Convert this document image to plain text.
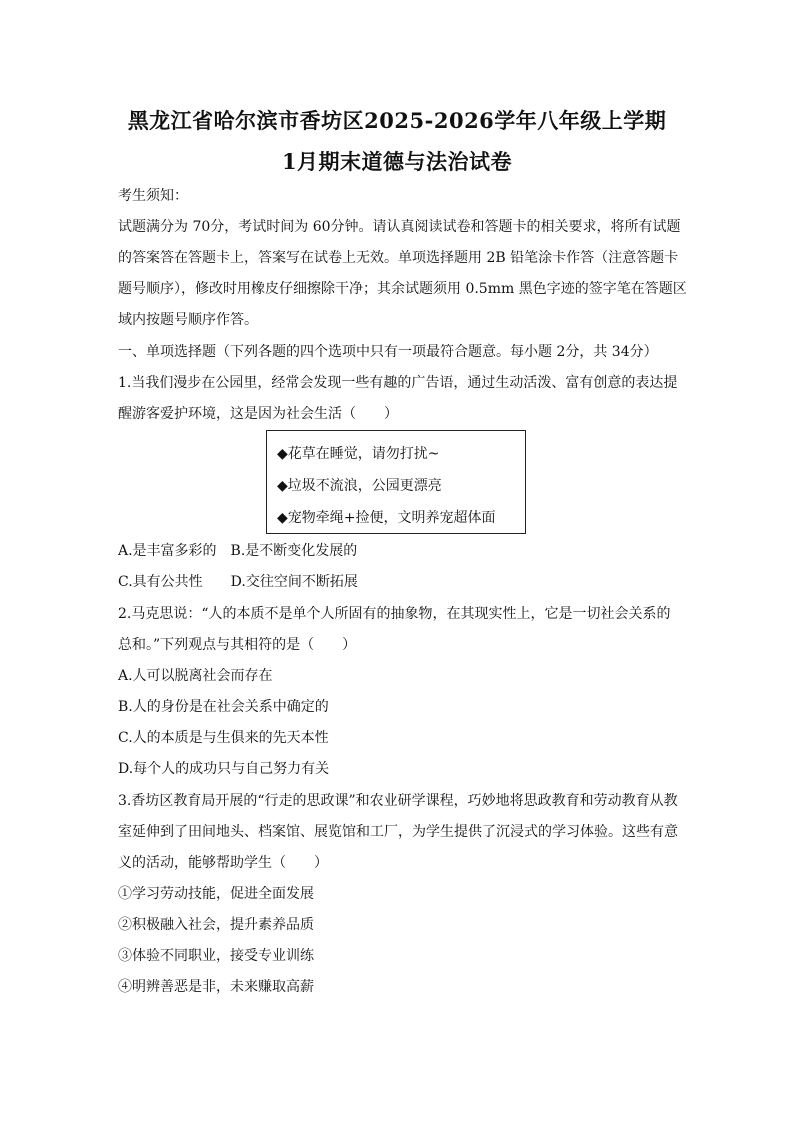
黑龙江省哈尔滨市香坊区2025-2026学年八年级上学期
1月期末道德与法治试卷
考生须知：
试题满分为 70分，考试时间为 60分钟。请认真阅读试卷和答题卡的相关要求，将所有试题
的答案答在答题卡上，答案写在试卷上无效。单项选择题用 2B 铅笔涂卡作答（注意答题卡
题号顺序），修改时用橡皮仔细擦除干净；其余试题须用 0.5mm 黑色字迹的签字笔在答题区
域内按题号顺序作答。
一、单项选择题（下列各题的四个选项中只有一项最符合题意。每小题 2分，共 34分）
1.当我们漫步在公园里，经常会发现一些有趣的广告语，通过生动活泼、富有创意的表达提
醒游客爱护环境，这是因为社会生活（　　）
◆花草在睡觉，请勿打扰~
◆垃圾不流浪，公园更漂亮
◆宠物牵绳+捡便，文明养宠超体面
A.是丰富多彩的　B.是不断变化发展的
C.具有公共性　　D.交往空间不断拓展
2.马克思说：“人的本质不是单个人所固有的抽象物，在其现实性上，它是一切社会关系的
总和。”下列观点与其相符的是（　　）
A.人可以脱离社会而存在
B.人的身份是在社会关系中确定的
C.人的本质是与生俱来的先天本性
D.每个人的成功只与自己努力有关
3.香坊区教育局开展的“行走的思政课”和农业研学课程，巧妙地将思政教育和劳动教育从教
室延伸到了田间地头、档案馆、展览馆和工厂，为学生提供了沉浸式的学习体验。这些有意
义的活动，能够帮助学生（　　）
①学习劳动技能，促进全面发展
②积极融入社会，提升素养品质
③体验不同职业，接受专业训练
④明辨善恶是非，未来赚取高薪
